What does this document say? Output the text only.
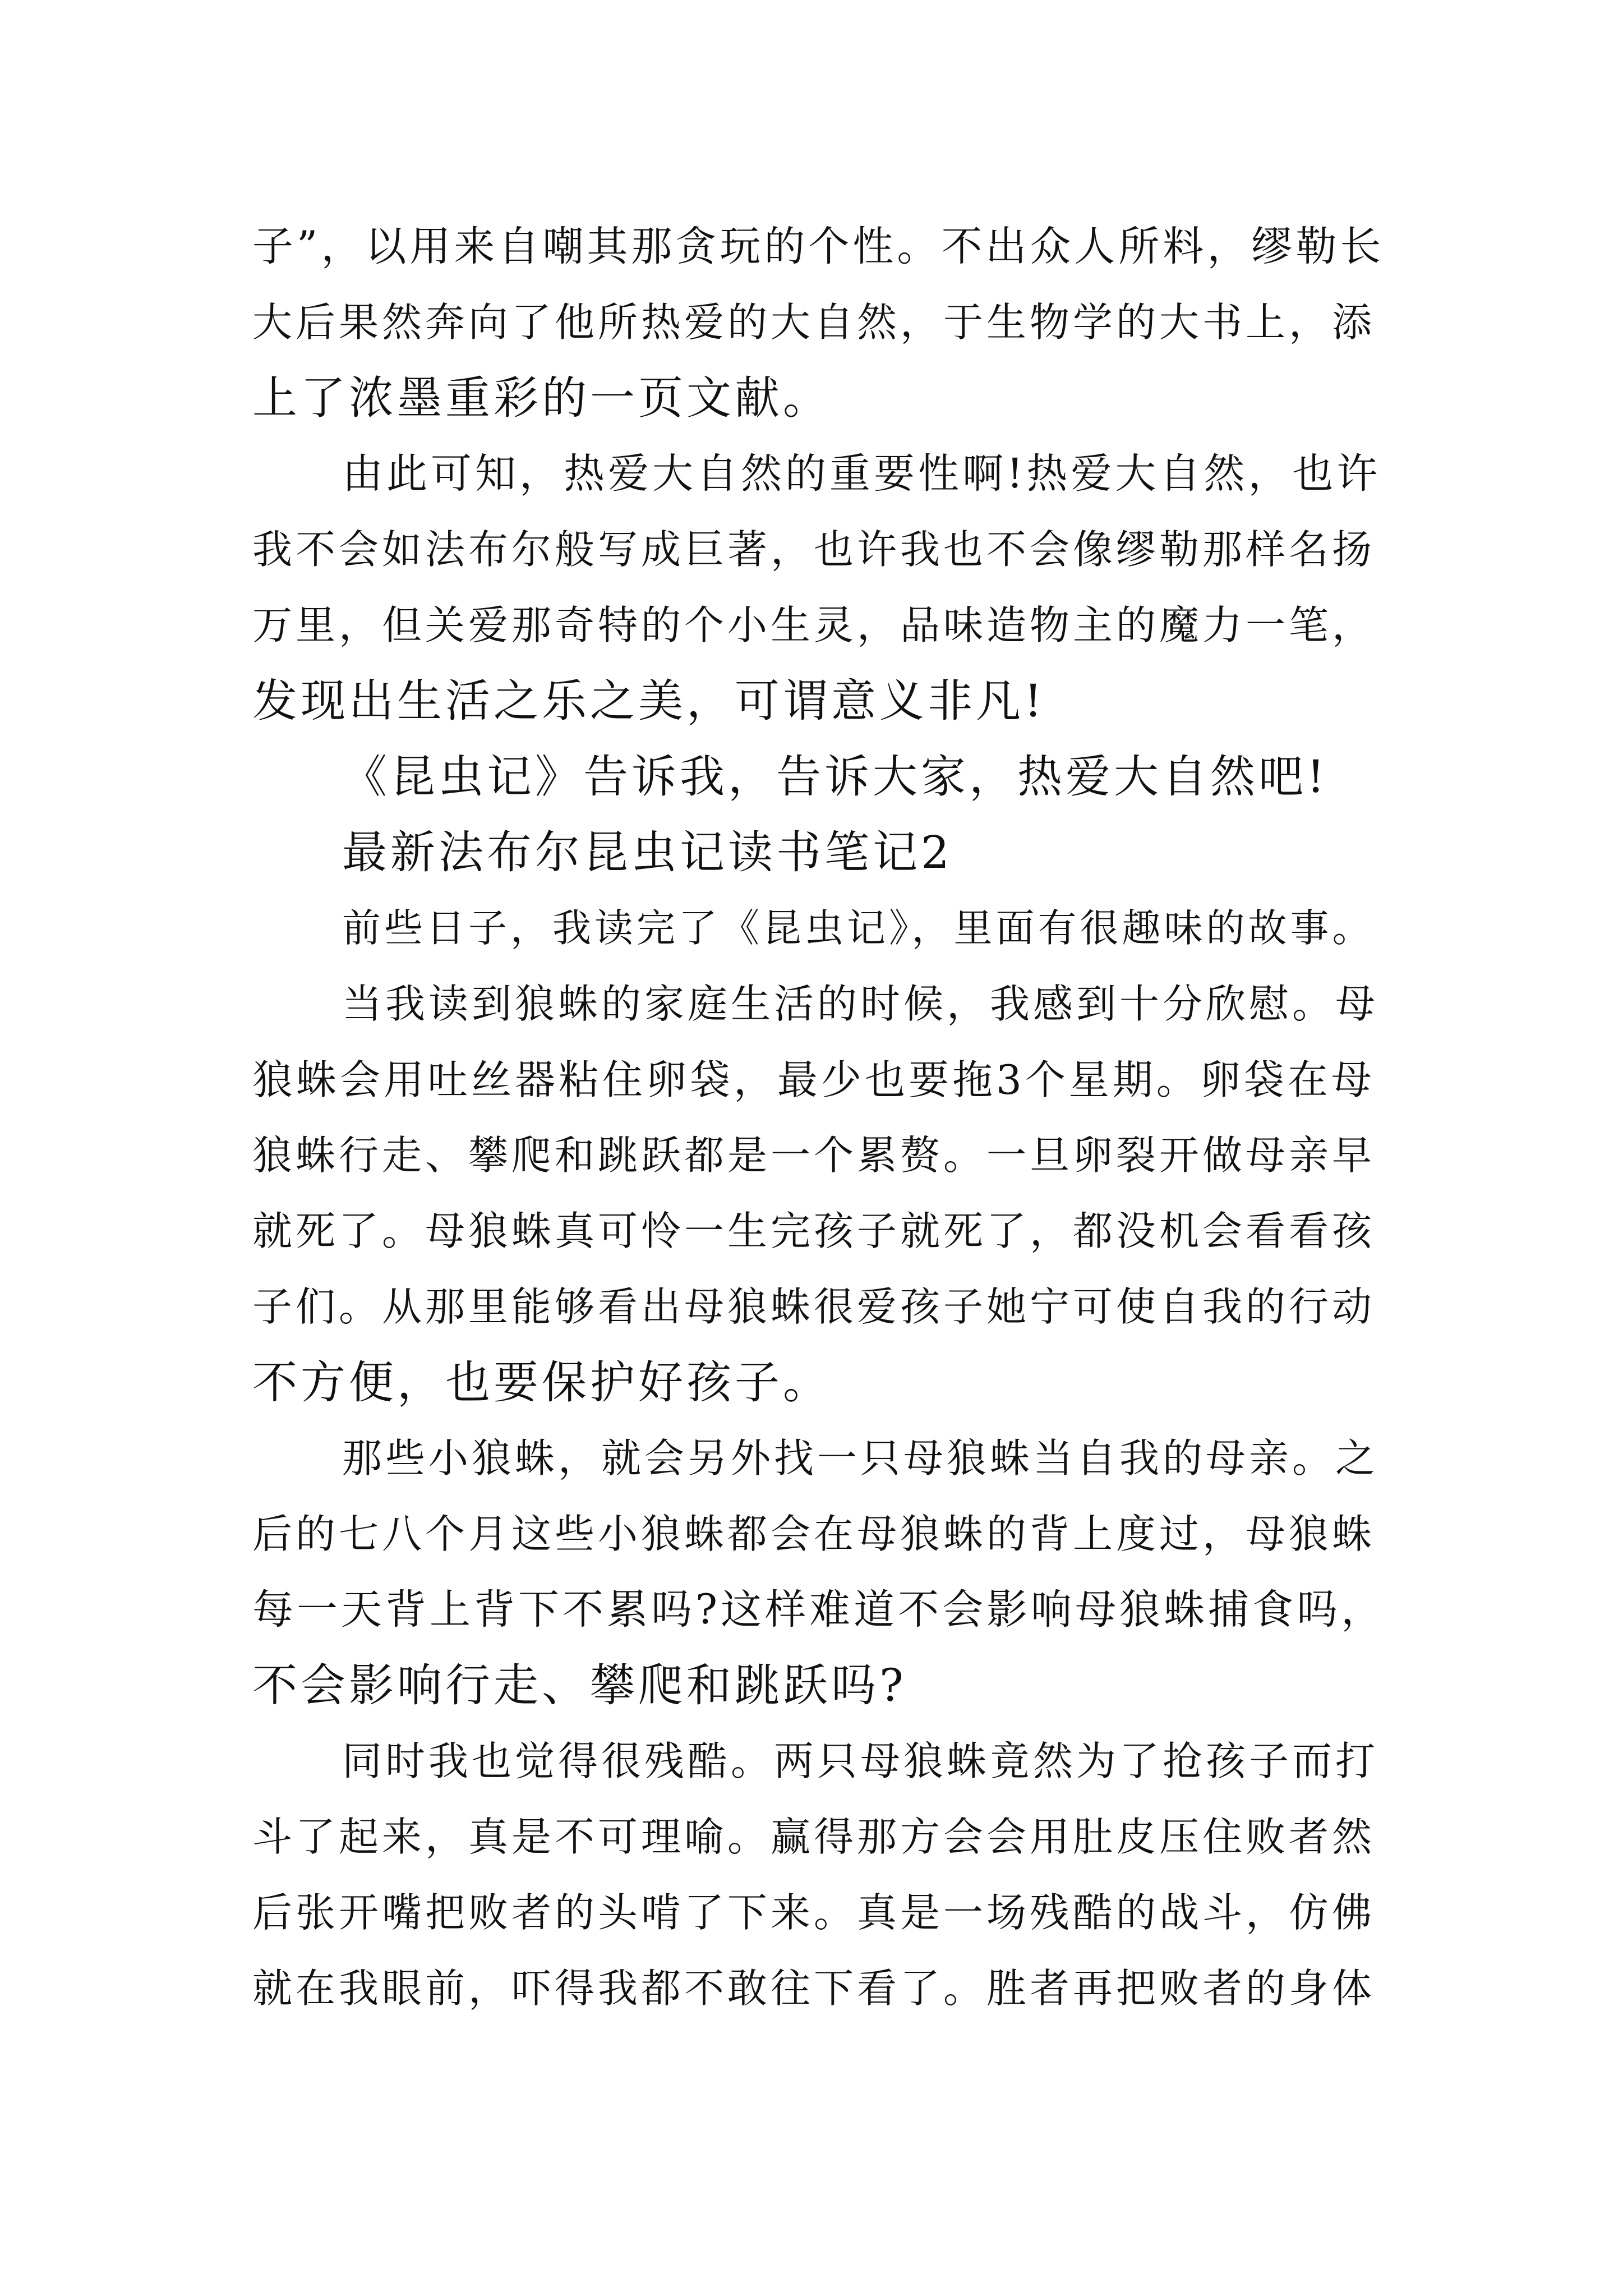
子”，以用来自嘲其那贪玩的个性。不出众人所料，缪勒长
大后果然奔向了他所热爱的大自然，于生物学的大书上，添
上了浓墨重彩的一页文献。
由此可知，热爱大自然的重要性啊!热爱大自然，也许
我不会如法布尔般写成巨著，也许我也不会像缪勒那样名扬
万里，但关爱那奇特的个小生灵，品味造物主的魔力一笔，
发现出生活之乐之美，可谓意义非凡!
《昆虫记》告诉我，告诉大家，热爱大自然吧!
最新法布尔昆虫记读书笔记2
前些日子，我读完了《昆虫记》，里面有很趣味的故事。
当我读到狼蛛的家庭生活的时候，我感到十分欣慰。母
狼蛛会用吐丝器粘住卵袋，最少也要拖3个星期。卵袋在母
狼蛛行走、攀爬和跳跃都是一个累赘。一旦卵裂开做母亲早
就死了。母狼蛛真可怜一生完孩子就死了，都没机会看看孩
子们。从那里能够看出母狼蛛很爱孩子她宁可使自我的行动
不方便，也要保护好孩子。
那些小狼蛛，就会另外找一只母狼蛛当自我的母亲。之
后的七八个月这些小狼蛛都会在母狼蛛的背上度过，母狼蛛
每一天背上背下不累吗?这样难道不会影响母狼蛛捕食吗，
不会影响行走、攀爬和跳跃吗?
同时我也觉得很残酷。两只母狼蛛竟然为了抢孩子而打
斗了起来，真是不可理喻。赢得那方会会用肚皮压住败者然
后张开嘴把败者的头啃了下来。真是一场残酷的战斗，仿佛
就在我眼前，吓得我都不敢往下看了。胜者再把败者的身体
